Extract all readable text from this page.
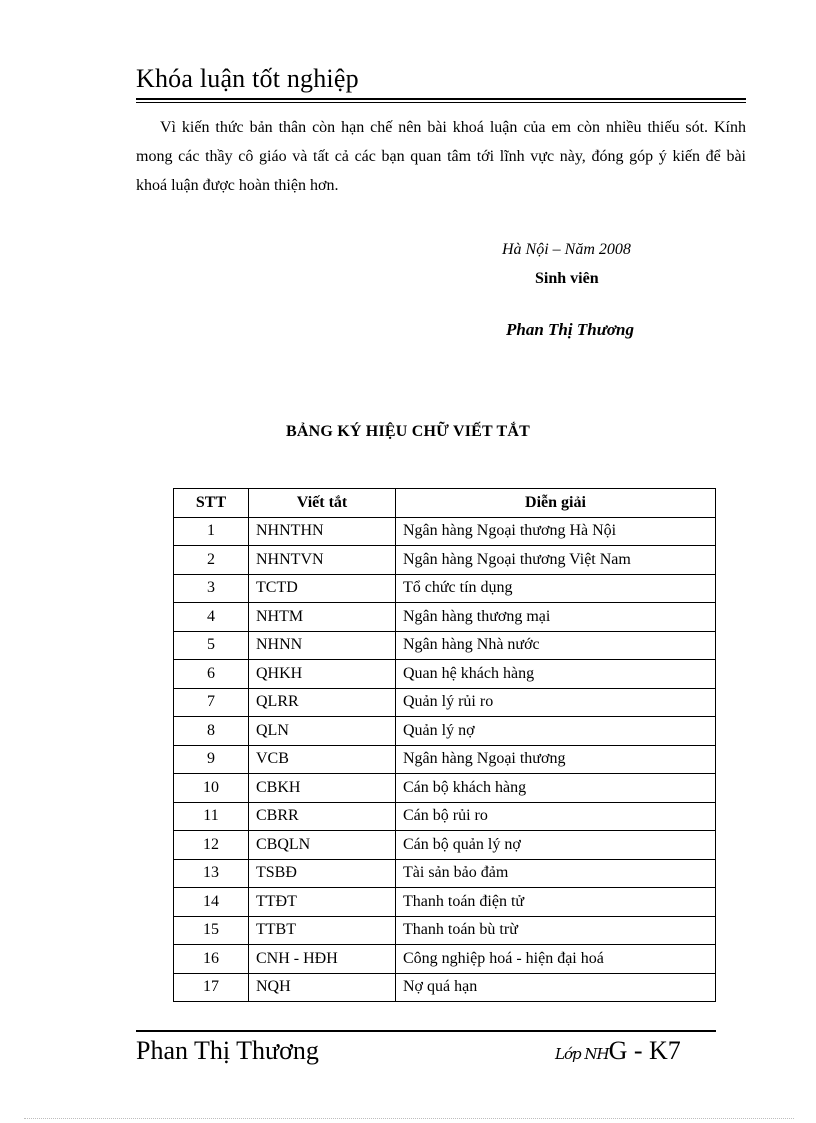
Khóa luận tốt nghiệp
Vì kiến thức bản thân còn hạn chế nên bài khoá luận của em còn nhiều thiếu sót. Kính mong các thầy cô giáo và tất cả các bạn quan tâm tới lĩnh vực này, đóng góp ý kiến để bài khoá luận được hoàn thiện hơn.
Hà Nội – Năm 2008
Sinh viên
Phan Thị Thương
BẢNG KÝ HIỆU CHỮ VIẾT TẮT
STT	Viết tắt	Diễn giải
1	NHNTHN	Ngân hàng Ngoại thương Hà Nội
2	NHNTVN	Ngân hàng Ngoại thương Việt Nam
3	TCTD	Tổ chức tín dụng
4	NHTM	Ngân hàng thương mại
5	NHNN	Ngân hàng Nhà nước
6	QHKH	Quan hệ khách hàng
7	QLRR	Quản lý rủi ro
8	QLN	Quản lý nợ
9	VCB	Ngân hàng Ngoại thương
10	CBKH	Cán bộ khách hàng
11	CBRR	Cán bộ rủi ro
12	CBQLN	Cán bộ quản lý nợ
13	TSBĐ	Tài sản bảo đảm
14	TTĐT	Thanh toán điện tử
15	TTBT	Thanh toán bù trừ
16	CNH - HĐH	Công nghiệp hoá - hiện đại hoá
17	NQH	Nợ quá hạn
Phan Thị Thương	Lớp NHG - K7
